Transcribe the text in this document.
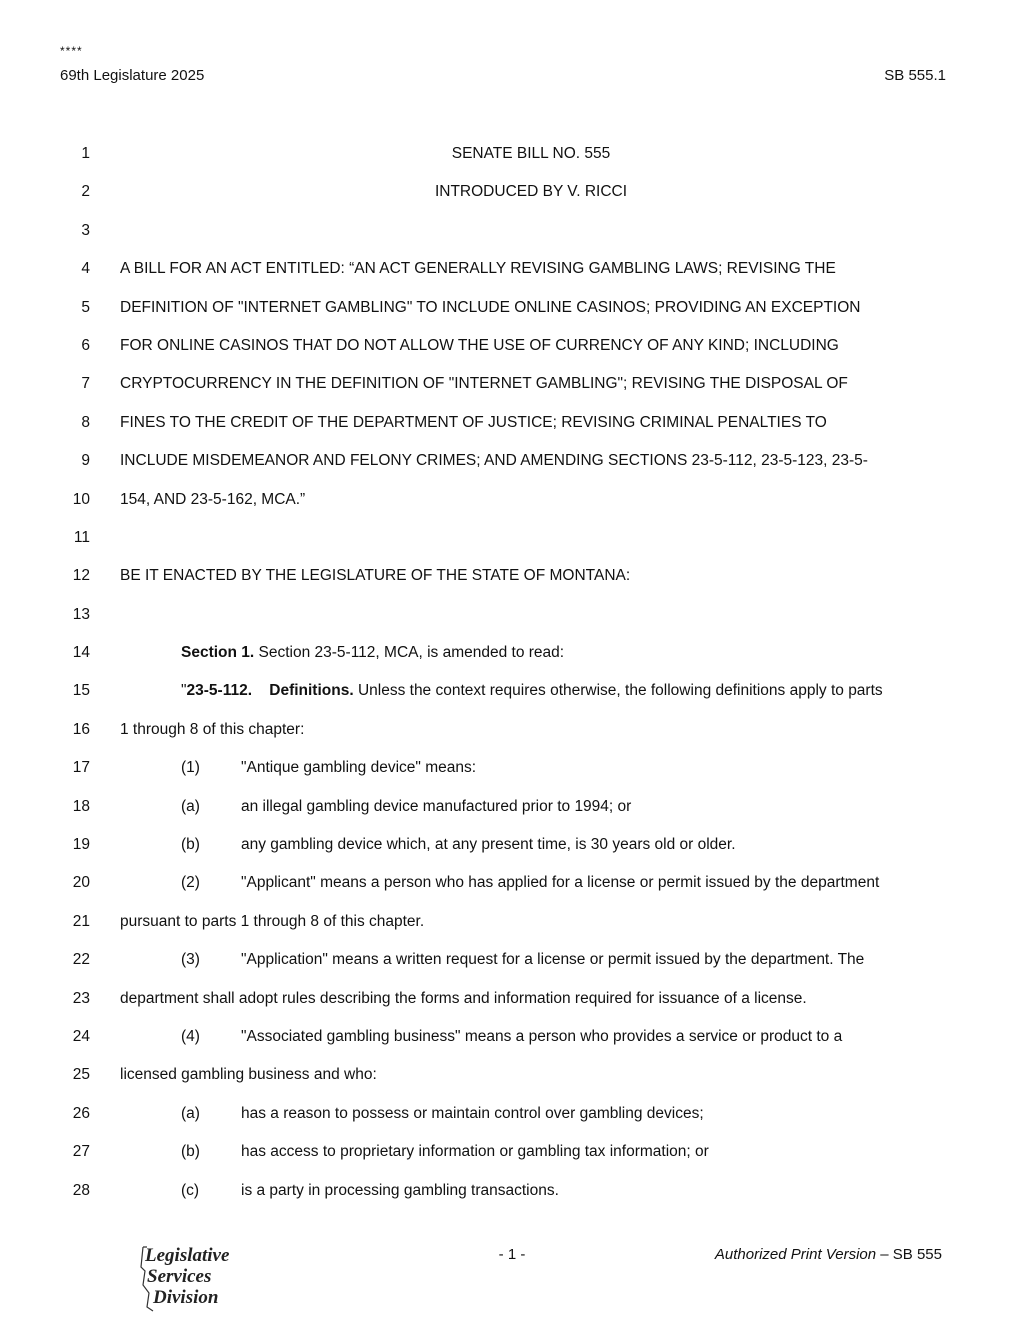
****
69th Legislature 2025	SB 555.1
1	SENATE BILL NO. 555
2	INTRODUCED BY V. RICCI
3
4 A BILL FOR AN ACT ENTITLED: “AN ACT GENERALLY REVISING GAMBLING LAWS; REVISING THE
5 DEFINITION OF "INTERNET GAMBLING" TO INCLUDE ONLINE CASINOS; PROVIDING AN EXCEPTION
6 FOR ONLINE CASINOS THAT DO NOT ALLOW THE USE OF CURRENCY OF ANY KIND; INCLUDING
7 CRYPTOCURRENCY IN THE DEFINITION OF "INTERNET GAMBLING"; REVISING THE DISPOSAL OF
8 FINES TO THE CREDIT OF THE DEPARTMENT OF JUSTICE; REVISING CRIMINAL PENALTIES TO
9 INCLUDE MISDEMEANOR AND FELONY CRIMES; AND AMENDING SECTIONS 23-5-112, 23-5-123, 23-5-
10 154, AND 23-5-162, MCA.”
11
12 BE IT ENACTED BY THE LEGISLATURE OF THE STATE OF MONTANA:
13
14	Section 1. Section 23-5-112, MCA, is amended to read:
15	"23-5-112. Definitions. Unless the context requires otherwise, the following definitions apply to parts
16 1 through 8 of this chapter:
17	(1)	"Antique gambling device" means:
18	(a)	an illegal gambling device manufactured prior to 1994; or
19	(b)	any gambling device which, at any present time, is 30 years old or older.
20	(2)	"Applicant" means a person who has applied for a license or permit issued by the department
21 pursuant to parts 1 through 8 of this chapter.
22	(3)	"Application" means a written request for a license or permit issued by the department. The
23 department shall adopt rules describing the forms and information required for issuance of a license.
24	(4)	"Associated gambling business" means a person who provides a service or product to a
25 licensed gambling business and who:
26	(a)	has a reason to possess or maintain control over gambling devices;
27	(b)	has access to proprietary information or gambling tax information; or
28	(c)	is a party in processing gambling transactions.
Legislative
Services
Division
- 1 -	Authorized Print Version – SB 555
